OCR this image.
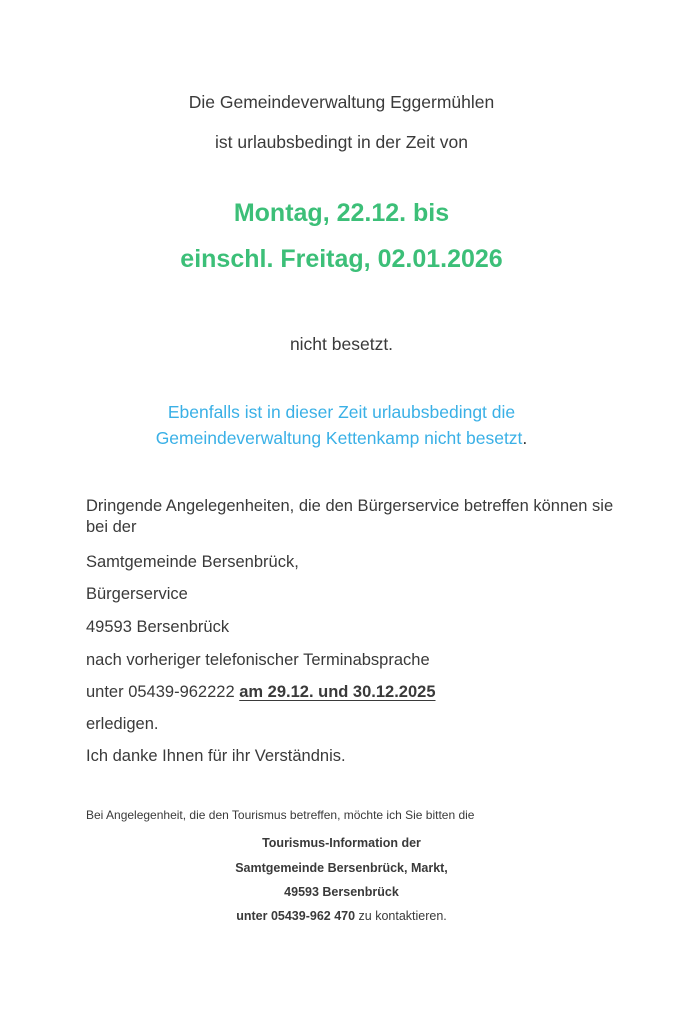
Die Gemeindeverwaltung Eggermühlen

ist urlaubsbedingt in der Zeit von

Montag, 22.12. bis

einschl. Freitag, 02.01.2026

nicht besetzt.

Ebenfalls ist in dieser Zeit urlaubsbedingt die
Gemeindeverwaltung Kettenkamp nicht besetzt.

Dringende Angelegenheiten, die den Bürgerservice betreffen können sie bei der

Samtgemeinde Bersenbrück,

Bürgerservice

49593 Bersenbrück

nach vorheriger telefonischer Terminabsprache

unter 05439-962222 am 29.12. und 30.12.2025

erledigen.

Ich danke Ihnen für ihr Verständnis.

Bei Angelegenheit, die den Tourismus betreffen, möchte ich Sie bitten die

Tourismus-Information der

Samtgemeinde Bersenbrück, Markt,

49593 Bersenbrück

unter 05439-962 470 zu kontaktieren.
